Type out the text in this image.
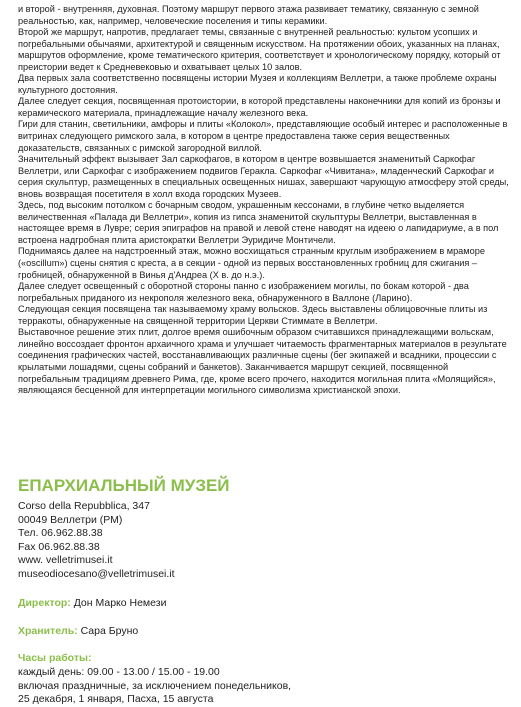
и второй - внутренняя, духовная. Поэтому маршрут первого этажа развивает тематику, связанную с земной реальностью, как, например, человеческие поселения и типы керамики.

Второй же маршрут, напротив, предлагает темы, связанные с внутренней реальностью: культом усопших и погребальными обычаями, архитектурой и священным искусством. На протяжении обоих, указанных на планах, маршрутов оформление, кроме тематического критерия, соответствует и хронологическому порядку, который от преистории ведет к Средневековью и охватывает целых 10 залов.

Два первых зала соответственно посвящены истории Музея и коллекциям Веллетри, а также проблеме охраны культурного достояния.

Далее следует секция, посвященная протоистории, в которой представлены наконечники для копий из бронзы и керамического материала, принадлежащие началу железного века.

Гири для станин, светильники, амфоры и плиты «Колокол», представляющие особый интерес и расположенные в витринах следующего римского зала, в котором в центре предоставлена также серия вещественных доказательств, связанных с римской загородной виллой.

Значительный эффект вызывает Зал саркофагов, в котором в центре возвышается знаменитый Саркофаг Веллетри, или Саркофаг с изображением подвигов Геракла. Саркофаг «Чивитана», младенческий Саркофаг и серия скульптур, размещенных в специальных освещенных нишах, завершают чарующую атмосферу этой среды, вновь возвращая посетителя в холл входа городских Музеев.

Здесь, под высоким потолком с бочарным сводом, украшенным кессонами, в глубине четко выделяется величественная «Палада ди Веллетри», копия из гипса знаменитой скульптуры Веллетри, выставленная в настоящее время в Лувре; серия эпиграфов на правой и левой стене наводят на идеею о лапидариуме, а в пол встроена надгробная плита аристократки Веллетри Эуридиче Монтичели.

Поднимаясь далее на надстроенный этаж, можно восхищаться странным круглым изображением в мраморе («oscillum») сцены снятия с креста, а в секции - одной из первых восстановленных гробниц для сжигания – гробницей, обнаруженной в Винья д'Андреа (Х в. до н.э.).

Далее следует освещенный с оборотной стороны панно с изображением могилы, по бокам которой - два погребальных приданого из некрополя железного века, обнаруженного в Валлоне (Ларино).

Следующая секция посвящена так называемому храму вольсков. Здесь выставлены облицовочные плиты из терракоты, обнаруженные на священной территории Церкви Стиммате в Веллетри.

Выставочное решение этих плит, долгое время ошибочным образом считавшихся принадлежащими вольскам, линейно воссоздает фронтон архаичного храма и улучшает читаемость фрагментарных материалов в результате соединения графических частей, восстанавливающих различные сцены (бег экипажей и всадники, процессии с крылатыми лошадями, сцены собраний и банкетов). Заканчивается маршрут секцией, посвященной погребальным традициям древнего Рима, где, кроме всего прочего, находится могильная плита «Молящийся», являющаяся бесценной для интерпретации могильного символизма христианской эпохи.

ЕПАРХИАЛЬНЫЙ МУЗЕЙ
Corso della Repubblica, 347
00049 Веллетри (РМ)
Тел. 06.962.88.38
Fax 06.962.88.38
www. velletrimusei.it
museodiocesano@velletrimusei.it
Директор: Дон Марко Немези
Хранитель: Сара Бруно
Часы работы:
каждый день: 09.00 - 13.00 / 15.00 - 19.00
включая праздничные, за исключением понедельников,
25 декабря, 1 января, Пасха, 15 августа
